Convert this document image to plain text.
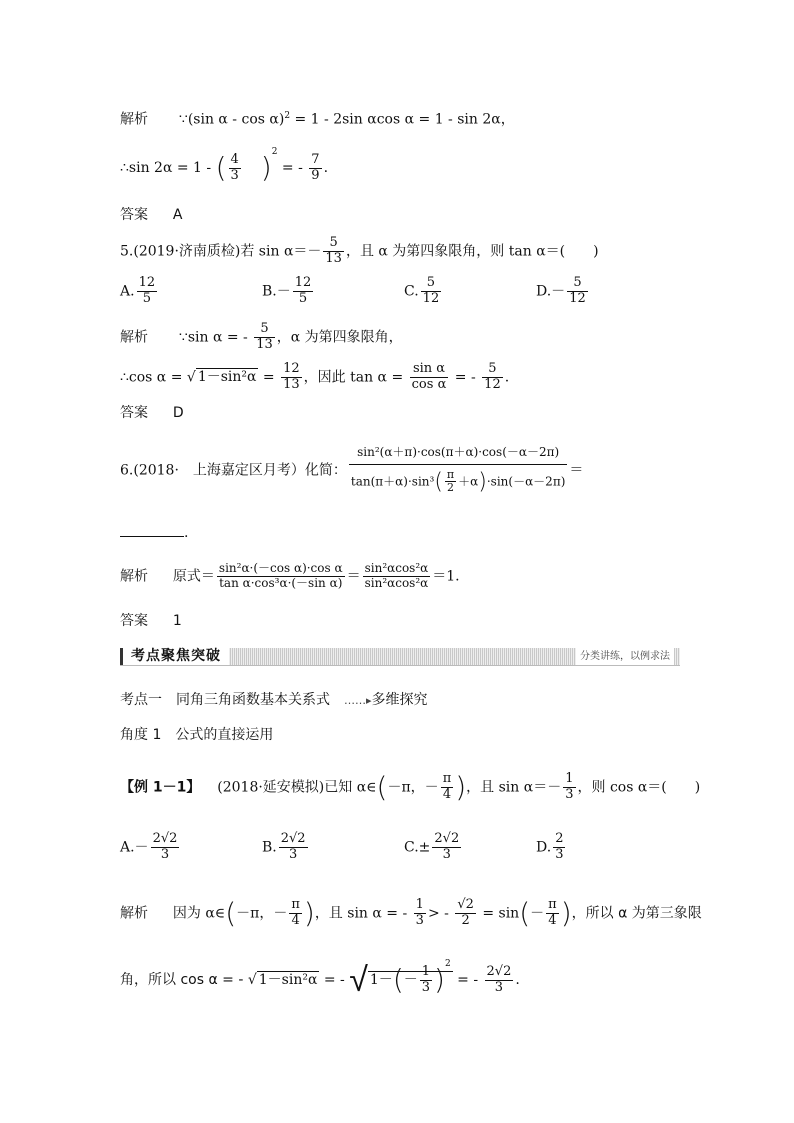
解析 ∵(sin α - cos α)$^2$ = 1 - 2sin αcos α = 1 - sin 2α，
∴sin 2α = 1 - ( $\frac{4}{3} )^2$ = - $\frac{7}{9}$ .
答案 A
5.(2019·济南质检)若 $\sin \alpha=- \frac{5}{13}$ ，且 α 为第四象限角，则 tan α＝(　　)
A. $\frac{12}{5}$	$B.- \frac{12}{5}$	C. $\frac{5}{12}$	$D.- \frac{5}{12}$
解析 ∵sin α = - $\frac{5}{13}$ ，α 为第四象限角，
∴cos α = √ $1-\sin^2\alpha = \frac{12}{13}$ ，因此 $\tan \alpha = \frac{\text{sin α}}{\text{cos α}}$ = - $\frac{5}{12}$ .
答案 D
6.(2018·　上海嘉定区月考）化简： $\frac{\text{sin²(α＋π)·cos(π＋α)·cos(－α－2π)}}{\tan(\pi+\alpha)\cdot\sin^3( \frac{\pi}{2} +\alpha)\cdot\sin(-\alpha-2\pi)}$ ＝
.
解析 原式＝ $\frac{\text{sin²α·(－cos α)·cos α}}{\text{tan α·cos³α·(－sin α)}} = \frac{\text{sin²αcos²α}}{\text{sin²αcos²α}} =1$.
答案 1
考点聚焦突破	分类讲练，以例求法
考点一　同角三角函数基本关系式　……▸多维探究
角度 1　公式的直接运用
【例 1－1】 (2018·延安模拟)已知 α∈(－π，－ $\frac{\pi}{4}$ )，且 $\sin \alpha=- \frac{1}{3}$ ，则 cos α＝(　　)
$A.- \frac{2√2}{3}$	B. $\frac{2√2}{3}$	$C.\pm \frac{2√2}{3}$	D. $\frac{2}{3}$
解析 因为 α∈(－π，－ $\frac{\pi}{4}$ )，且 sin α = - $\frac{1}{3}$ > - $\frac{√2}{2} = \sin(- \frac{\pi}{4}$ )，所以 α 为第三象限
角，所以 cos α = - √ 1－sin²α = - √ $1-(- \frac{1}{3} )^2$ = - $\frac{2√2}{3}$ .
